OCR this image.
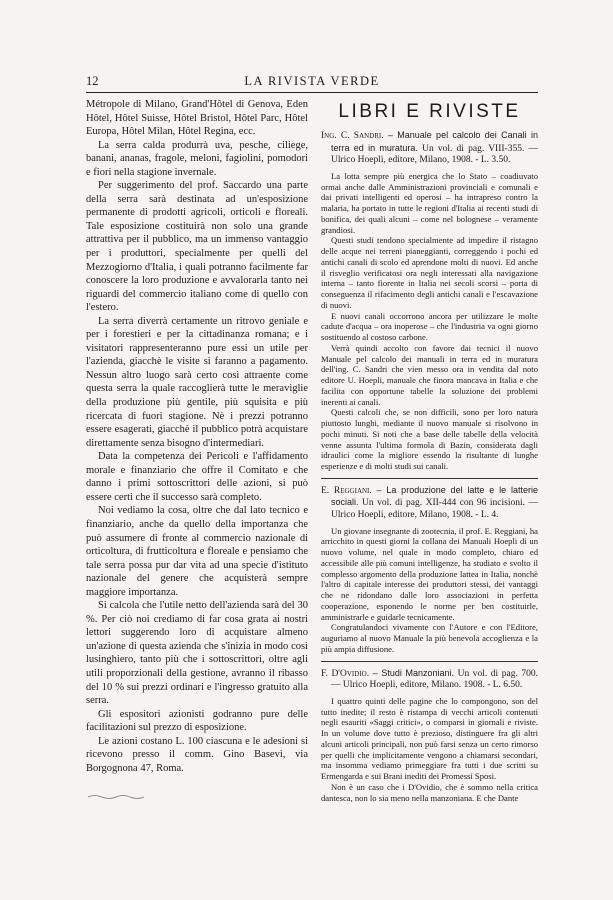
12	LA RIVISTA VERDE

Métropole di Milano, Grand'Hôtel di Genova, Eden Hôtel, Hôtel Suisse, Hôtel Bristol, Hôtel Parc, Hôtel Europa, Hôtel Milan, Hôtel Regina, ecc.

La serra calda produrrà uva, pesche, ciliege, banani, ananas, fragole, meloni, fagiolini, pomodori e fiori nella stagione invernale.

Per suggerimento del prof. Saccardo una parte della serra sarà destinata ad un'esposizione permanente di prodotti agricoli, orticoli e floreali. Tale esposizione costituirà non solo una grande attrattiva per il pubblico, ma un immenso vantaggio per i produttori, specialmente per quelli del Mezzogiorno d'Italia, i quali potranno facilmente far conoscere la loro produzione e avvalorarla tanto nei riguardi del commercio italiano come di quello con l'estero.

La serra diverrà certamente un ritrovo geniale e per i forestieri e per la cittadinanza romana; e i visitatori rappresenteranno pure essi un utile per l'azienda, giacchè le visite si faranno a pagamento. Nessun altro luogo sarà certo così attraente come questa serra la quale raccoglierà tutte le meraviglie della produzione più gentile, più squisita e più ricercata di fuori stagione. Nè i prezzi potranno essere esagerati, giacchè il pubblico potrà acquistare direttamente senza bisogno d'intermediari.

Data la competenza dei Pericoli e l'affidamento morale e finanziario che offre il Comitato e che danno i primi sottoscrittori delle azioni, si può essere certi che il successo sarà completo.

Noi vediamo la cosa, oltre che dal lato tecnico e finanziario, anche da quello della importanza che può assumere di fronte al commercio nazionale di orticoltura, di frutticoltura e floreale e pensiamo che tale serra possa pur dar vita ad una specie d'istituto nazionale del genere che acquisterà sempre maggiore importanza.

Si calcola che l'utile netto dell'azienda sarà del 30 %. Per ciò noi crediamo di far cosa grata ai nostri lettori suggerendo loro di acquistare almeno un'azione di questa azienda che s'inizia in modo così lusinghiero, tanto più che i sottoscrittori, oltre agli utili proporzionali della gestione, avranno il ribasso del 10 % sui prezzi ordinari e l'ingresso gratuito alla serra.

Gli espositori azionisti godranno pure delle facilitazioni sul prezzo di esposizione.

Le azioni costano L. 100 ciascuna e le adesioni si ricevono presso il comm. Gino Basevi, via Borgognona 47, Roma.

LIBRI E RIVISTE

Ing. C. Sandri. – Manuale pel calcolo dei Canali in terra ed in muratura. Un vol. di pag. VIII-355. — Ulrico Hoepli, editore, Milano, 1908. - L. 3.50.

La lotta sempre più energica che lo Stato – coadiuvato ormai anche dalle Amministrazioni provinciali e comunali e dai privati intelligenti ed operosi – ha intrapreso contro la malaria, ha portato in tutte le regioni d'Italia ai recenti studi di bonifica, dei quali alcuni – come nel bolognese – veramente grandiosi.

Questi studi tendono specialmente ad impedire il ristagno delle acque nei terreni pianeggianti, correggendo i pochi ed antichi canali di scolo ed aprendone molti di nuovi. Ed anche il risveglio verificatosi ora negli interessati alla navigazione interna – tanto fiorente in Italia nei secoli scorsi – porta di conseguenza il rifacimento degli antichi canali e l'escavazione di nuovi.

E nuovi canali occorrono ancora per utilizzare le molte cadute d'acqua – ora inoperose – che l'industria va ogni giorno sostituendo al costoso carbone.

Verrà quindi accolto con favore dai tecnici il nuovo Manuale pel calcolo dei manuali in terra ed in muratura dell'ing. C. Sandri che vien messo ora in vendita dal noto editore U. Hoepli, manuale che finora mancava in Italia e che facilita con opportune tabelle la soluzione dei problemi inerenti ai canali.

Questi calcoli che, se non difficili, sono per loro natura piuttosto lunghi, mediante il nuovo manuale si risolvono in pochi minuti. Si noti che a base delle tabelle della velocità venne assunta l'ultima formola di Bazin, considerata dagli idraulici come la migliore essendo la risultante di lunghe esperienze e di molti studi sui canali.

E. Reggiani. – La produzione del latte e le latterie sociali. Un vol. di pag. XII-444 con 96 incisioni. — Ulrico Hoepli, editore, Milano, 1908. - L. 4.

Un giovane insegnante di zootecnia, il prof. E. Reggiani, ha arricchito in questi giorni la collana dei Manuali Hoepli di un nuovo volume, nel quale in modo completo, chiaro ed accessibile alle più comuni intelligenze, ha studiato e svolto il complesso argomento della produzione lattea in Italia, nonchè l'altro di capitale interesse dei produttori stessi, dei vantaggi che ne ridondano dalle loro associazioni in perfetta cooperazione, esponendo le norme per ben costituirle, amministrarle e guidarle tecnicamente.

Congratulandoci vivamente con l'Autore e con l'Editore, auguriamo al nuovo Manuale la più benevola accoglienza e la più ampia diffusione.

F. D'Ovidio. – Studi Manzoniani. Un vol. di pag. 700. — Ulrico Hoepli, editore, Milano. 1908. - L. 6.50.

I quattro quinti delle pagine che lo compongono, son del tutto inedite; il resto è ristampa di vecchi articoli contenuti negli esauriti «Saggi critici», o comparsi in giornali e riviste. In un volume dove tutto è prezioso, distinguere fra gli altri alcuni articoli principali, non può farsi senza un certo rimorso per quelli che implicitamente vengono a chiamarsi secondari, ma insomma vediamo primeggiare fra tutti i due scritti su Ermengarda e sui Brani inediti dei Promessi Sposi.

Non è un caso che i D'Ovidio, che è sommo nella critica dantesca, non lo sia meno nella manzoniana. E che Dante
